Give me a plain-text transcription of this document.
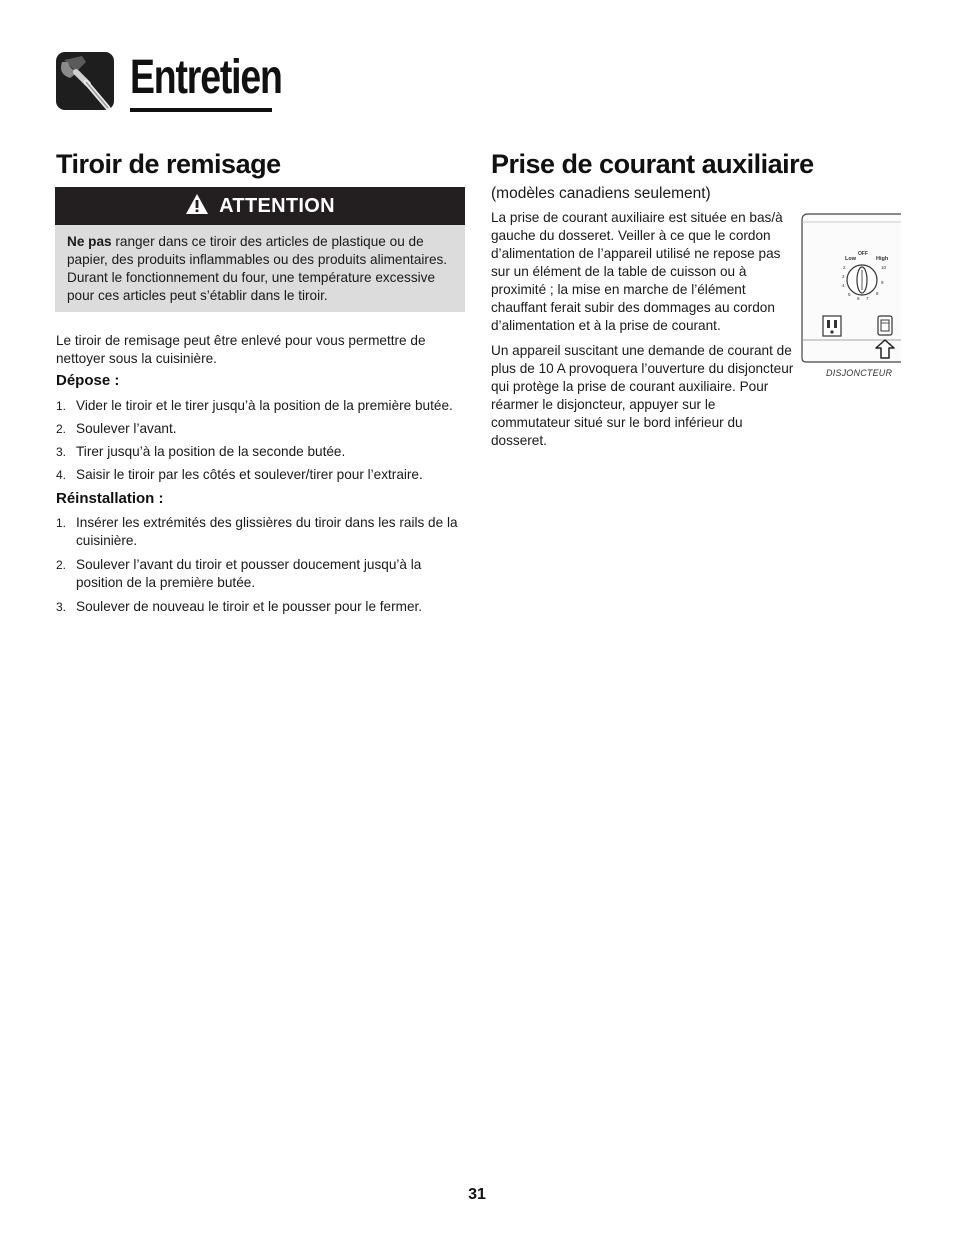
Entretien
Tiroir de remisage
ATTENTION
Ne pas ranger dans ce tiroir des articles de plastique ou de papier, des produits inflammables ou des produits alimentaires. Durant le fonctionnement du four, une température excessive pour ces articles peut s’établir dans le tiroir.
Le tiroir de remisage peut être enlevé pour vous permettre de nettoyer sous la cuisinière.
Dépose :
1. Vider le tiroir et le tirer jusqu’à la position de la première butée.
2. Soulever l’avant.
3. Tirer jusqu’à la position de la seconde butée.
4. Saisir le tiroir par les côtés et soulever/tirer pour l’extraire.
Réinstallation :
1. Insérer les extrémités des glissières du tiroir dans les rails de la cuisinière.
2. Soulever l’avant du tiroir et pousser doucement jusqu’à la position de la première butée.
3. Soulever de nouveau le tiroir et le pousser pour le fermer.
Prise de courant auxiliaire
(modèles canadiens seulement)
La prise de courant auxiliaire est située en bas/à gauche du dosseret. Veiller à ce que le cordon d’alimentation de l’appareil utilisé ne repose pas sur un élément de la table de cuisson ou à proximité ; la mise en marche de l’élément chauffant ferait subir des dommages au cordon d’alimentation et à la prise de courant.
Un appareil suscitant une demande de courant de plus de 10 A provoquera l’ouverture du disjoncteur qui protège la prise de courant auxiliaire. Pour réarmer le disjoncteur, appuyer sur le commutateur situé sur le bord inférieur du dosseret.
Low
OFF
High
2
3
4
5
6 7
8
9
10
DISJONCTEUR
31
